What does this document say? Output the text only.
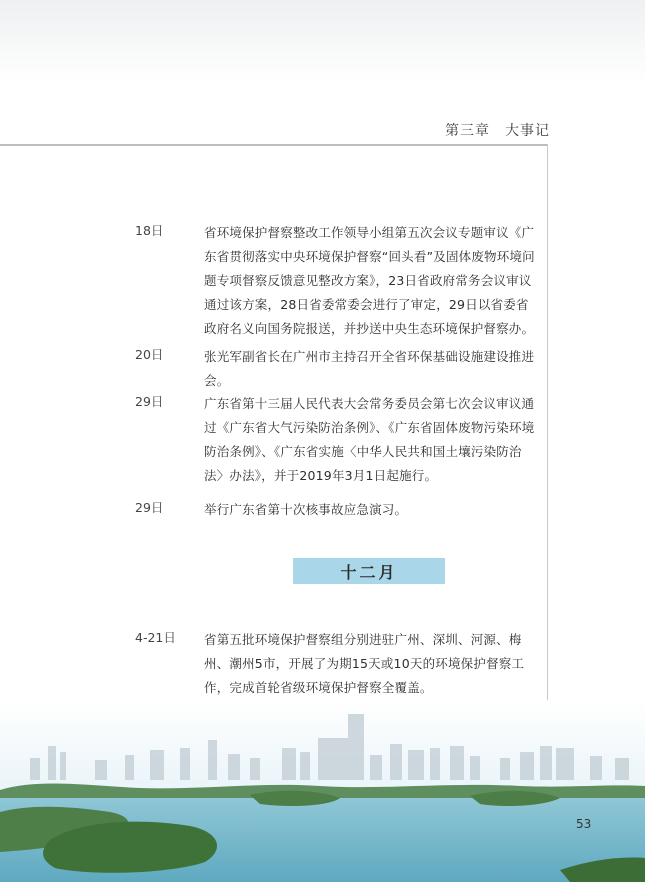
第三章　大事记
18日	省环境保护督察整改工作领导小组第五次会议专题审议《广东省贯彻落实中央环境保护督察“回头看”及固体废物环境问题专项督察反馈意见整改方案》，23日省政府常务会议审议通过该方案，28日省委常委会进行了审定，29日以省委省政府名义向国务院报送，并抄送中央生态环境保护督察办。
20日	张光军副省长在广州市主持召开全省环保基础设施建设推进会。
29日	广东省第十三届人民代表大会常务委员会第七次会议审议通过《广东省大气污染防治条例》、《广东省固体废物污染环境防治条例》、《广东省实施〈中华人民共和国土壤污染防治法〉办法》，并于2019年3月1日起施行。
29日	举行广东省第十次核事故应急演习。
十二月
4-21日 省第五批环境保护督察组分别进驻广州、深圳、河源、梅州、潮州5市，开展了为期15天或10天的环境保护督察工作，完成首轮省级环境保护督察全覆盖。
53
